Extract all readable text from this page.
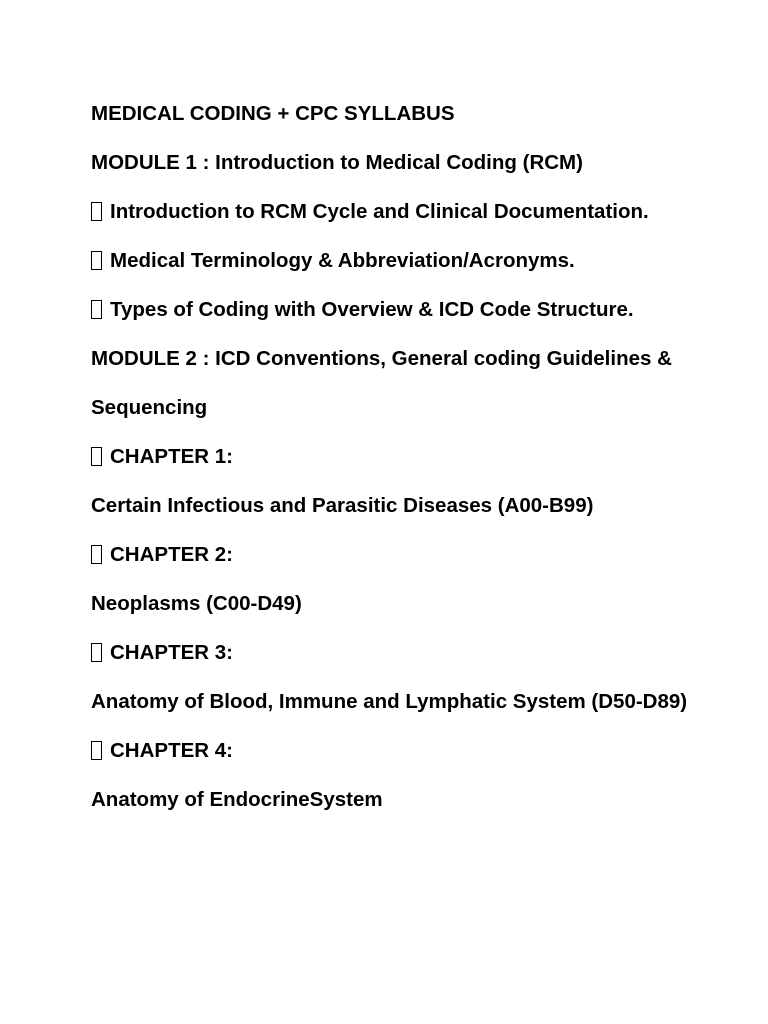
MEDICAL CODING + CPC SYLLABUS

MODULE 1 : Introduction to Medical Coding (RCM)

Introduction to RCM Cycle and Clinical Documentation.

Medical Terminology & Abbreviation/Acronyms.

Types of Coding with Overview & ICD Code Structure.

MODULE 2 : ICD Conventions, General coding Guidelines &

Sequencing

CHAPTER 1:

Certain Infectious and Parasitic Diseases (A00-B99)

CHAPTER 2:

Neoplasms (C00-D49)

CHAPTER 3:

Anatomy of Blood, Immune and Lymphatic System (D50-D89)

CHAPTER 4:

Anatomy of EndocrineSystem
